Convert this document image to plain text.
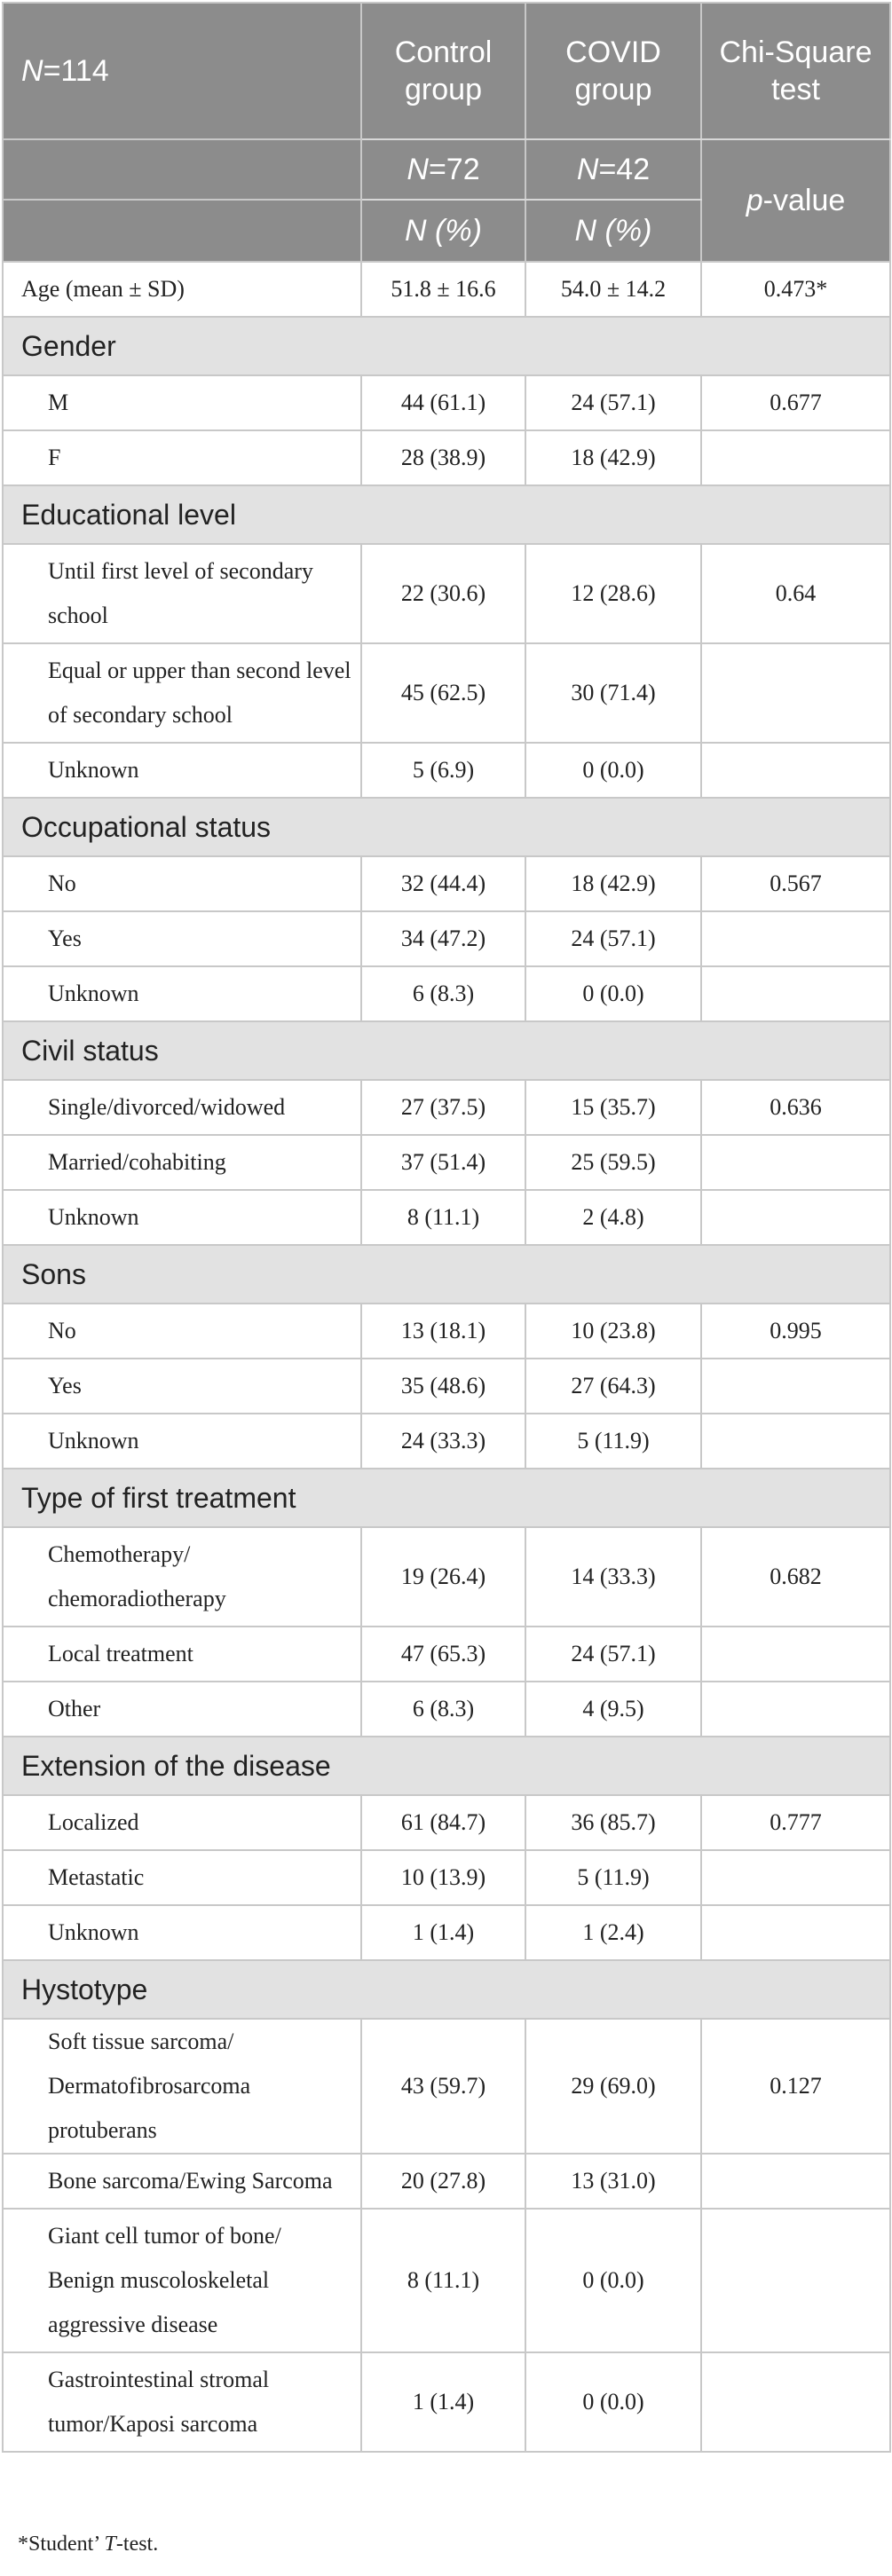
N=114	Control group	COVID group	Chi-Square test
	N=72	N=42	p-value
	N (%)	N (%)	
Age (mean ± SD)	51.8 ± 16.6	54.0 ± 14.2	0.473*
Gender			
M	44 (61.1)	24 (57.1)	0.677
F	28 (38.9)	18 (42.9)	
Educational level			
Until first level of secondary school	22 (30.6)	12 (28.6)	0.64
Equal or upper than second level of secondary school	45 (62.5)	30 (71.4)	
Unknown	5 (6.9)	0 (0.0)	
Occupational status			
No	32 (44.4)	18 (42.9)	0.567
Yes	34 (47.2)	24 (57.1)	
Unknown	6 (8.3)	0 (0.0)	
Civil status			
Single/divorced/widowed	27 (37.5)	15 (35.7)	0.636
Married/cohabiting	37 (51.4)	25 (59.5)	
Unknown	8 (11.1)	2 (4.8)	
Sons			
No	13 (18.1)	10 (23.8)	0.995
Yes	35 (48.6)	27 (64.3)	
Unknown	24 (33.3)	5 (11.9)	
Type of first treatment			
Chemotherapy/ chemoradiotherapy	19 (26.4)	14 (33.3)	0.682
Local treatment	47 (65.3)	24 (57.1)	
Other	6 (8.3)	4 (9.5)	
Extension of the disease			
Localized	61 (84.7)	36 (85.7)	0.777
Metastatic	10 (13.9)	5 (11.9)	
Unknown	1 (1.4)	1 (2.4)	
Hystotype			
Soft tissue sarcoma/ Dermatofibrosarcoma protuberans	43 (59.7)	29 (69.0)	0.127
Bone sarcoma/Ewing Sarcoma	20 (27.8)	13 (31.0)	
Giant cell tumor of bone/ Benign muscoloskeletal aggressive disease	8 (11.1)	0 (0.0)	
Gastrointestinal stromal tumor/Kaposi sarcoma	1 (1.4)	0 (0.0)	
*Student’ T-test.
